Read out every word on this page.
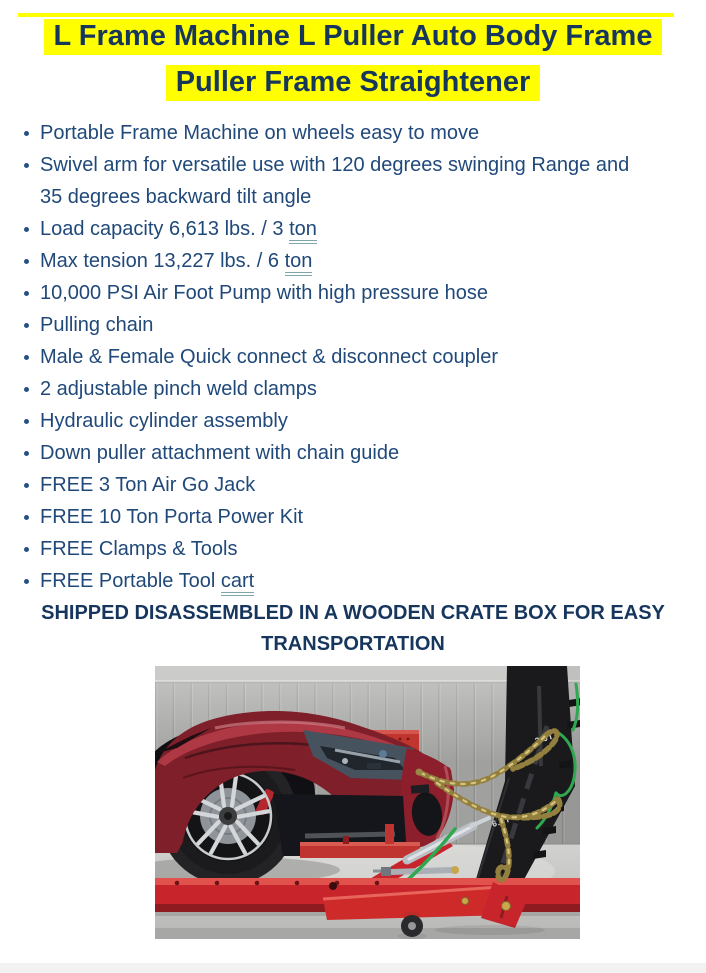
L Frame Machine L Puller Auto Body Frame
Puller Frame Straightener
Portable Frame Machine on wheels easy to move
Swivel arm for versatile use with 120 degrees swinging Range and
35 degrees backward tilt angle
Load capacity 6,613 lbs. / 3 ton
Max tension 13,227 lbs. / 6 ton
10,000 PSI Air Foot Pump with high pressure hose
Pulling chain
Male & Female Quick connect & disconnect coupler
2 adjustable pinch weld clamps
Hydraulic cylinder assembly
Down puller attachment with chain guide
FREE 3 Ton Air Go Jack
FREE 10 Ton Porta Power Kit
FREE Clamps & Tools
FREE Portable Tool cart
SHIPPED DISASSEMBLED IN A WOODEN CRATE BOX FOR EASY
TRANSPORTATION
3.0T
6.0T
